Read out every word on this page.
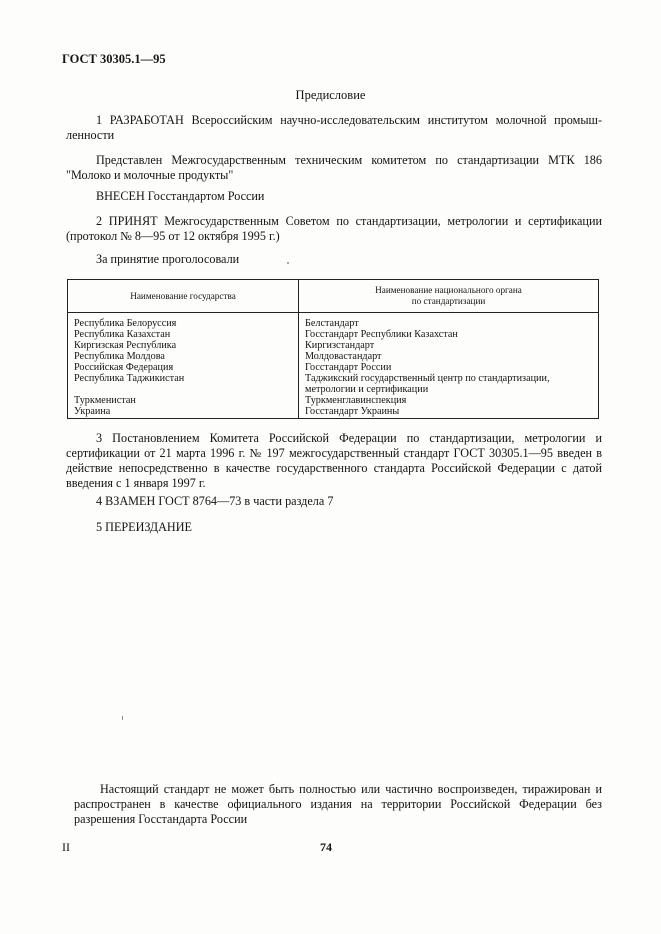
ГОСТ 30305.1—95
Предисловие
1 РАЗРАБОТАН Всероссийским научно-исследовательским институтом молочной промыш-ленности
Представлен Межгосударственным техническим комитетом по стандартизации МТК 186 "Молоко и молочные продукты"
ВНЕСЕН Госстандартом России
2 ПРИНЯТ Межгосударственным Советом по стандартизации, метрологии и сертификации (протокол № 8—95 от 12 октября 1995 г.)
За принятие проголосовали
Наименование государства	Наименование национального органа
по стандартизации
Республика Белоруссия	Белстандарт
Республика Казахстан	Госстандарт Республики Казахстан
Киргизская Республика	Киргизстандарт
Республика Молдова	Молдовастандарт
Российская Федерация	Госстандарт России
Республика Таджикистан	Таджикский государственный центр по стандартизации,
	метрологии и сертификации
Туркменистан	Туркменглавинспекция
Украина	Госстандарт Украины
3 Постановлением Комитета Российской Федерации по стандартизации, метрологии и сертификации от 21 марта 1996 г. № 197 межгосударственный стандарт ГОСТ 30305.1—95 введен в действие непосредственно в качестве государственного стандарта Российской Федерации с датой введения с 1 января 1997 г.
4 ВЗАМЕН ГОСТ 8764—73 в части раздела 7
5 ПЕРЕИЗДАНИЕ
Настоящий стандарт не может быть полностью или частично воспроизведен, тиражирован и распространен в качестве официального издания на территории Российской Федерации без разрешения Госстандарта России
II	74
